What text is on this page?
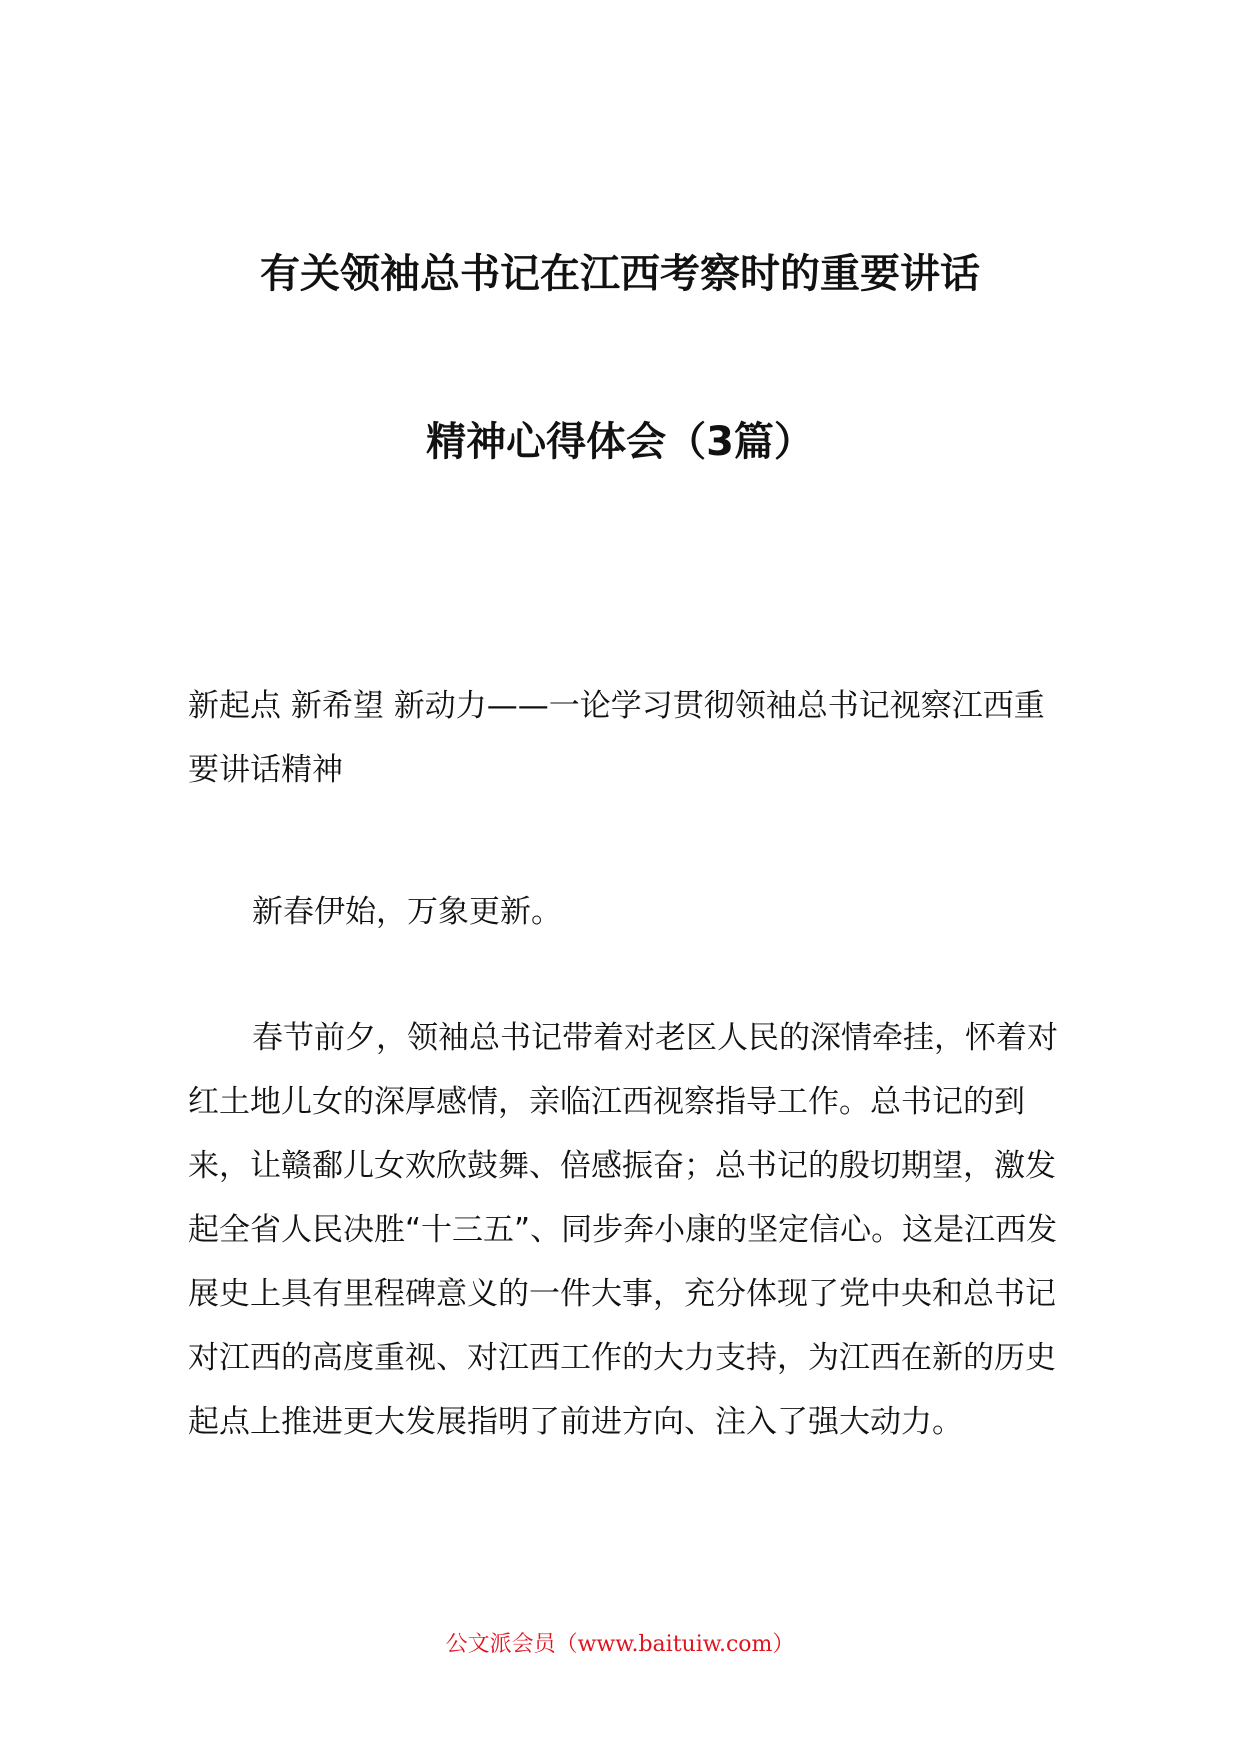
有关领袖总书记在江西考察时的重要讲话
精神心得体会（3篇）
新起点 新希望 新动力——一论学习贯彻领袖总书记视察江西重要讲话精神
新春伊始，万象更新。
春节前夕，领袖总书记带着对老区人民的深情牵挂，怀着对红土地儿女的深厚感情，亲临江西视察指导工作。总书记的到来，让赣鄱儿女欢欣鼓舞、倍感振奋；总书记的殷切期望，激发起全省人民决胜“十三五”、同步奔小康的坚定信心。这是江西发展史上具有里程碑意义的一件大事，充分体现了党中央和总书记对江西的高度重视、对江西工作的大力支持，为江西在新的历史起点上推进更大发展指明了前进方向、注入了强大动力。
公文派会员（www.baituiw.com）
